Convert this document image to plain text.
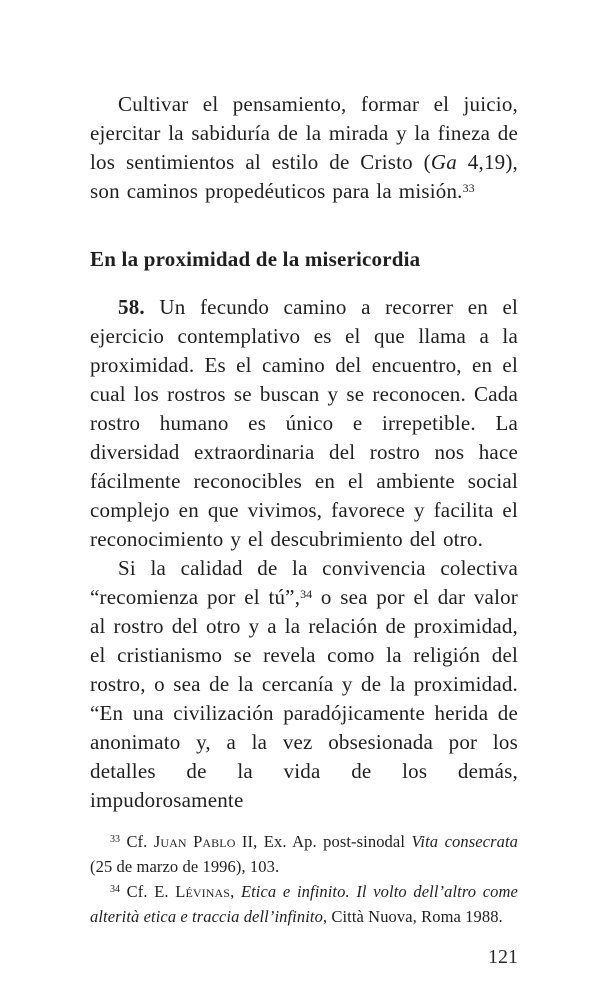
Cultivar el pensamiento, formar el juicio, ejercitar la sabiduría de la mirada y la fineza de los sentimientos al estilo de Cristo (Ga 4,19), son caminos propedéuticos para la misión.$^{33}$

En la proximidad de la misericordia

58. Un fecundo camino a recorrer en el ejercicio contemplativo es el que llama a la proximidad. Es el camino del encuentro, en el cual los rostros se buscan y se reconocen. Cada rostro humano es único e irrepetible. La diversidad extraordinaria del rostro nos hace fácilmente reconocibles en el ambiente social complejo en que vivimos, favorece y facilita el reconocimiento y el descubrimiento del otro.

Si la calidad de la convivencia colectiva “recomienza por el tú”,$^{34}$ o sea por el dar valor al rostro del otro y a la relación de proximidad, el cristianismo se revela como la religión del rostro, o sea de la cercanía y de la proximidad. “En una civilización paradójicamente herida de anonimato y, a la vez obsesionada por los detalles de la vida de los demás, impudorosamente

$^{33}$ Cf. Juan Pablo II, Ex. Ap. post-sinodal Vita consecrata (25 de marzo de 1996), 103.

$^{34}$ Cf. E. Lévinas, Etica e infinito. Il volto dell’altro come alterità etica e traccia dell’infinito, Città Nuova, Roma 1988.

121
